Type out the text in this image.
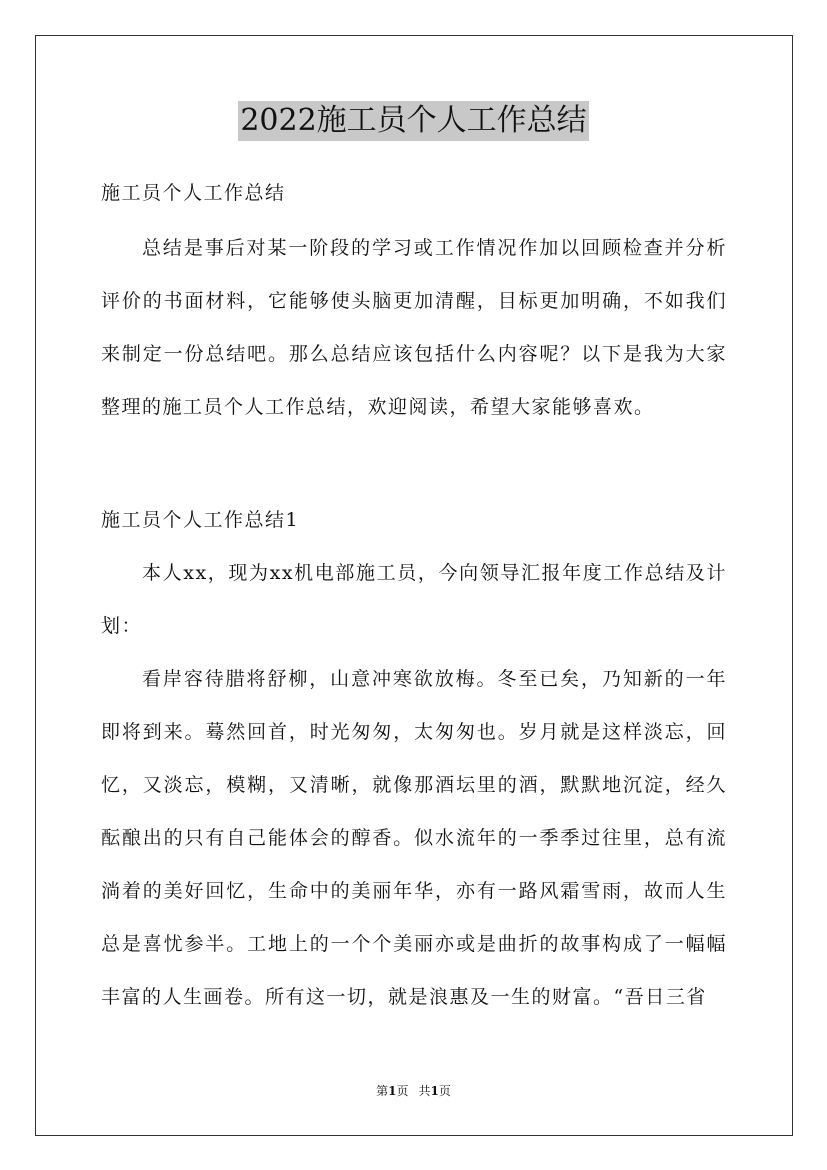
2022施工员个人工作总结
施工员个人工作总结

总结是事后对某一阶段的学习或工作情况作加以回顾检查并分析评价的书面材料，它能够使头脑更加清醒，目标更加明确，不如我们来制定一份总结吧。那么总结应该包括什么内容呢？以下是我为大家整理的施工员个人工作总结，欢迎阅读，希望大家能够喜欢。

施工员个人工作总结1

本人xx，现为xx机电部施工员，今向领导汇报年度工作总结及计划：

看岸容待腊将舒柳，山意冲寒欲放梅。冬至已矣，乃知新的一年即将到来。蓦然回首，时光匆匆，太匆匆也。岁月就是这样淡忘，回忆，又淡忘，模糊，又清晰，就像那酒坛里的酒，默默地沉淀，经久酝酿出的只有自己能体会的醇香。似水流年的一季季过往里，总有流淌着的美好回忆，生命中的美丽年华，亦有一路风霜雪雨，故而人生总是喜忧参半。工地上的一个个美丽亦或是曲折的故事构成了一幅幅丰富的人生画卷。所有这一切，就是浪惠及一生的财富。“吾日三省

第1页 共1页
